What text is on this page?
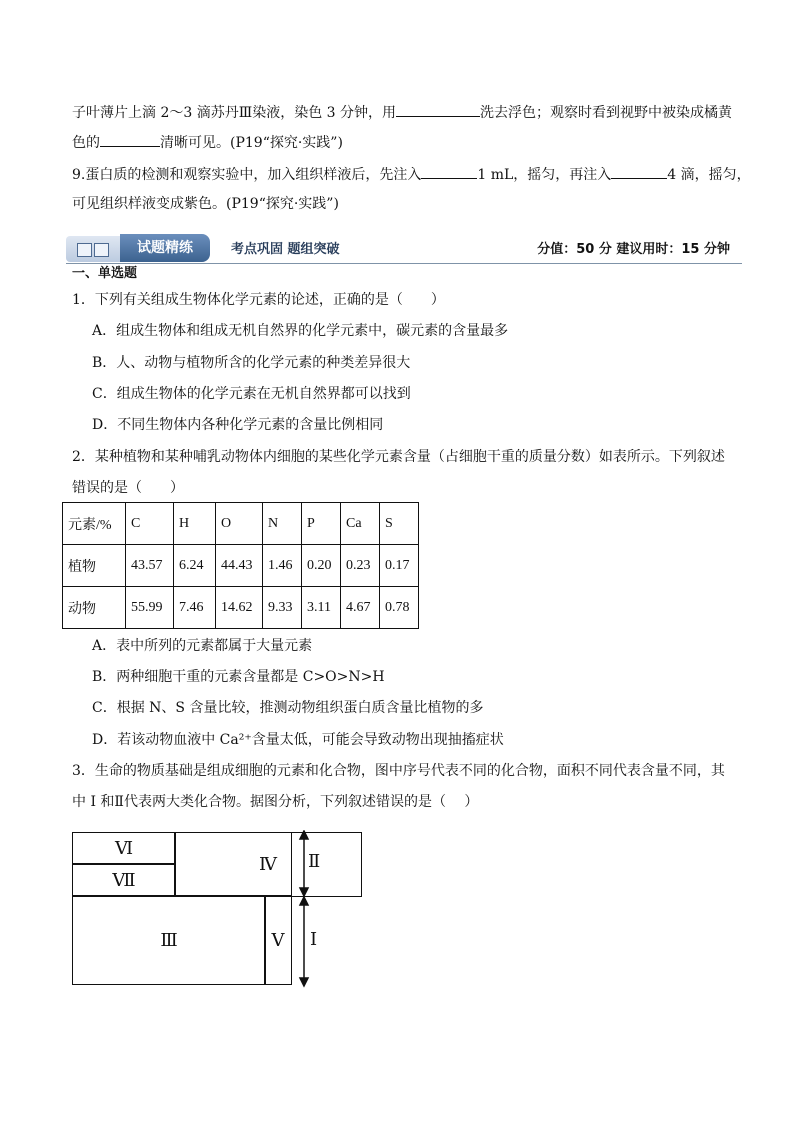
子叶薄片上滴 2～3 滴苏丹Ⅲ染液，染色 3 分钟，用	洗去浮色；观察时看到视野中被染成橘黄
色的	清晰可见。(P19“探究·实践”)
9.蛋白质的检测和观察实验中，加入组织样液后，先注入	1 mL，摇匀，再注入	4 滴，摇匀，
可见组织样液变成紫色。(P19“探究·实践”)
试题精练	考点巩固 题组突破	分值：50 分 建议用时：15 分钟
一、单选题
1．下列有关组成生物体化学元素的论述，正确的是（　　）
A．组成生物体和组成无机自然界的化学元素中，碳元素的含量最多
B．人、动物与植物所含的化学元素的种类差异很大
C．组成生物体的化学元素在无机自然界都可以找到
D．不同生物体内各种化学元素的含量比例相同
2．某种植物和某种哺乳动物体内细胞的某些化学元素含量（占细胞干重的质量分数）如表所示。下列叙述
错误的是（　　）
元素/%	C	H	O	N	P	Ca	S
植物	43.57	6.24	44.43	1.46	0.20	0.23	0.17
动物	55.99	7.46	14.62	9.33	3.11	4.67	0.78
A．表中所列的元素都属于大量元素
B．两种细胞干重的元素含量都是 C>O>N>H
C．根据 N、S 含量比较，推测动物组织蛋白质含量比植物的多
D．若该动物血液中 Ca²⁺含量太低，可能会导致动物出现抽搐症状
3．生命的物质基础是组成细胞的元素和化合物，图中序号代表不同的化合物，面积不同代表含量不同，其
中 I 和Ⅱ代表两大类化合物。据图分析，下列叙述错误的是（　 ）
Ⅵ
Ⅶ
Ⅳ
Ⅲ	Ⅴ
Ⅱ
I
